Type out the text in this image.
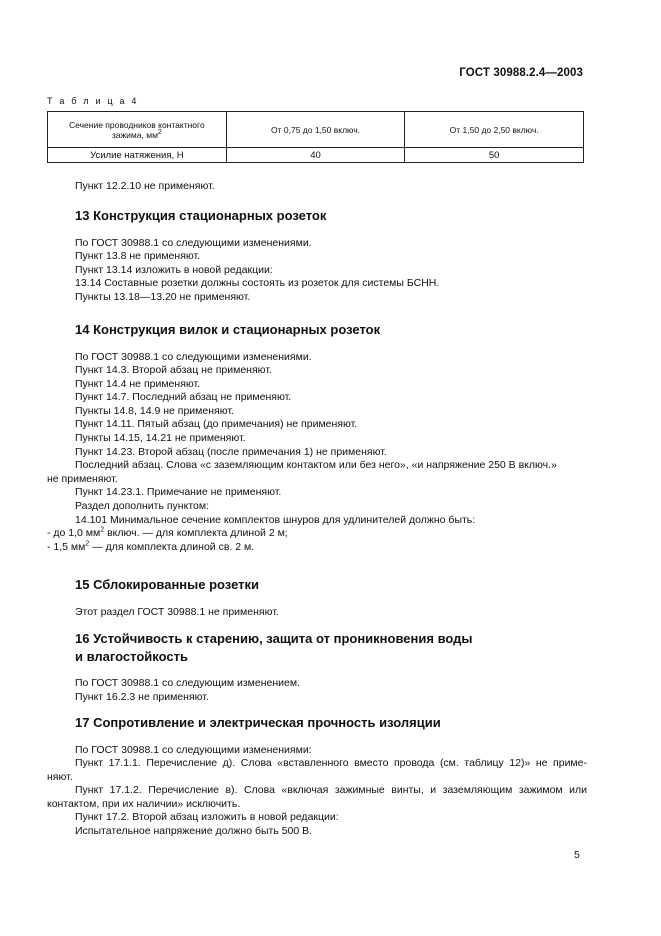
ГОСТ 30988.2.4—2003
Т а б л и ц а 4
Сечение проводников контактного зажима, $мм^2$	От 0,75 до 1,50 включ.	От 1,50 до 2,50 включ.
Усилие натяжения, Н	40	50

Пункт 12.2.10 не применяют.

13 Конструкция стационарных розеток

По ГОСТ 30988.1 со следующими изменениями.

Пункт 13.8 не применяют.

Пункт 13.14 изложить в новой редакции:

13.14 Составные розетки должны состоять из розеток для системы БСНН.

Пункты 13.18—13.20 не применяют.

14 Конструкция вилок и стационарных розеток

По ГОСТ 30988.1 со следующими изменениями.

Пункт 14.3. Второй абзац не применяют.

Пункт 14.4 не применяют.

Пункт 14.7. Последний абзац не применяют.

Пункты 14.8, 14.9 не применяют.

Пункт 14.11. Пятый абзац (до примечания) не применяют.

Пункты 14.15, 14.21 не применяют.

Пункт 14.23. Второй абзац (после примечания 1) не применяют.

Последний абзац. Слова «с заземляющим контактом или без него», «и напряжение 250 В включ.»

не применяют.

Пункт 14.23.1. Примечание не применяют.

Раздел дополнить пунктом:

14.101 Минимальное сечение комплектов шнуров для удлинителей должно быть:

- до 1,0 $мм^2$ включ. — для комплекта длиной 2 м;

- 1,5 $мм^2$ — для комплекта длиной св. 2 м.

15 Сблокированные розетки

Этот раздел ГОСТ 30988.1 не применяют.

16 Устойчивость к старению, защита от проникновения воды

и влагостойкость

По ГОСТ 30988.1 со следующим изменением.

Пункт 16.2.3 не применяют.

17 Сопротивление и электрическая прочность изоляции

По ГОСТ 30988.1 со следующими изменениями:

Пункт 17.1.1. Перечисление д). Слова «вставленного вместо провода (см. таблицу 12)» не приме-

няют.

Пункт 17.1.2. Перечисление в). Слова «включая зажимные винты, и заземляющим зажимом или

контактом, при их наличии» исключить.

Пункт 17.2. Второй абзац изложить в новой редакции:

Испытательное напряжение должно быть 500 В.

5
